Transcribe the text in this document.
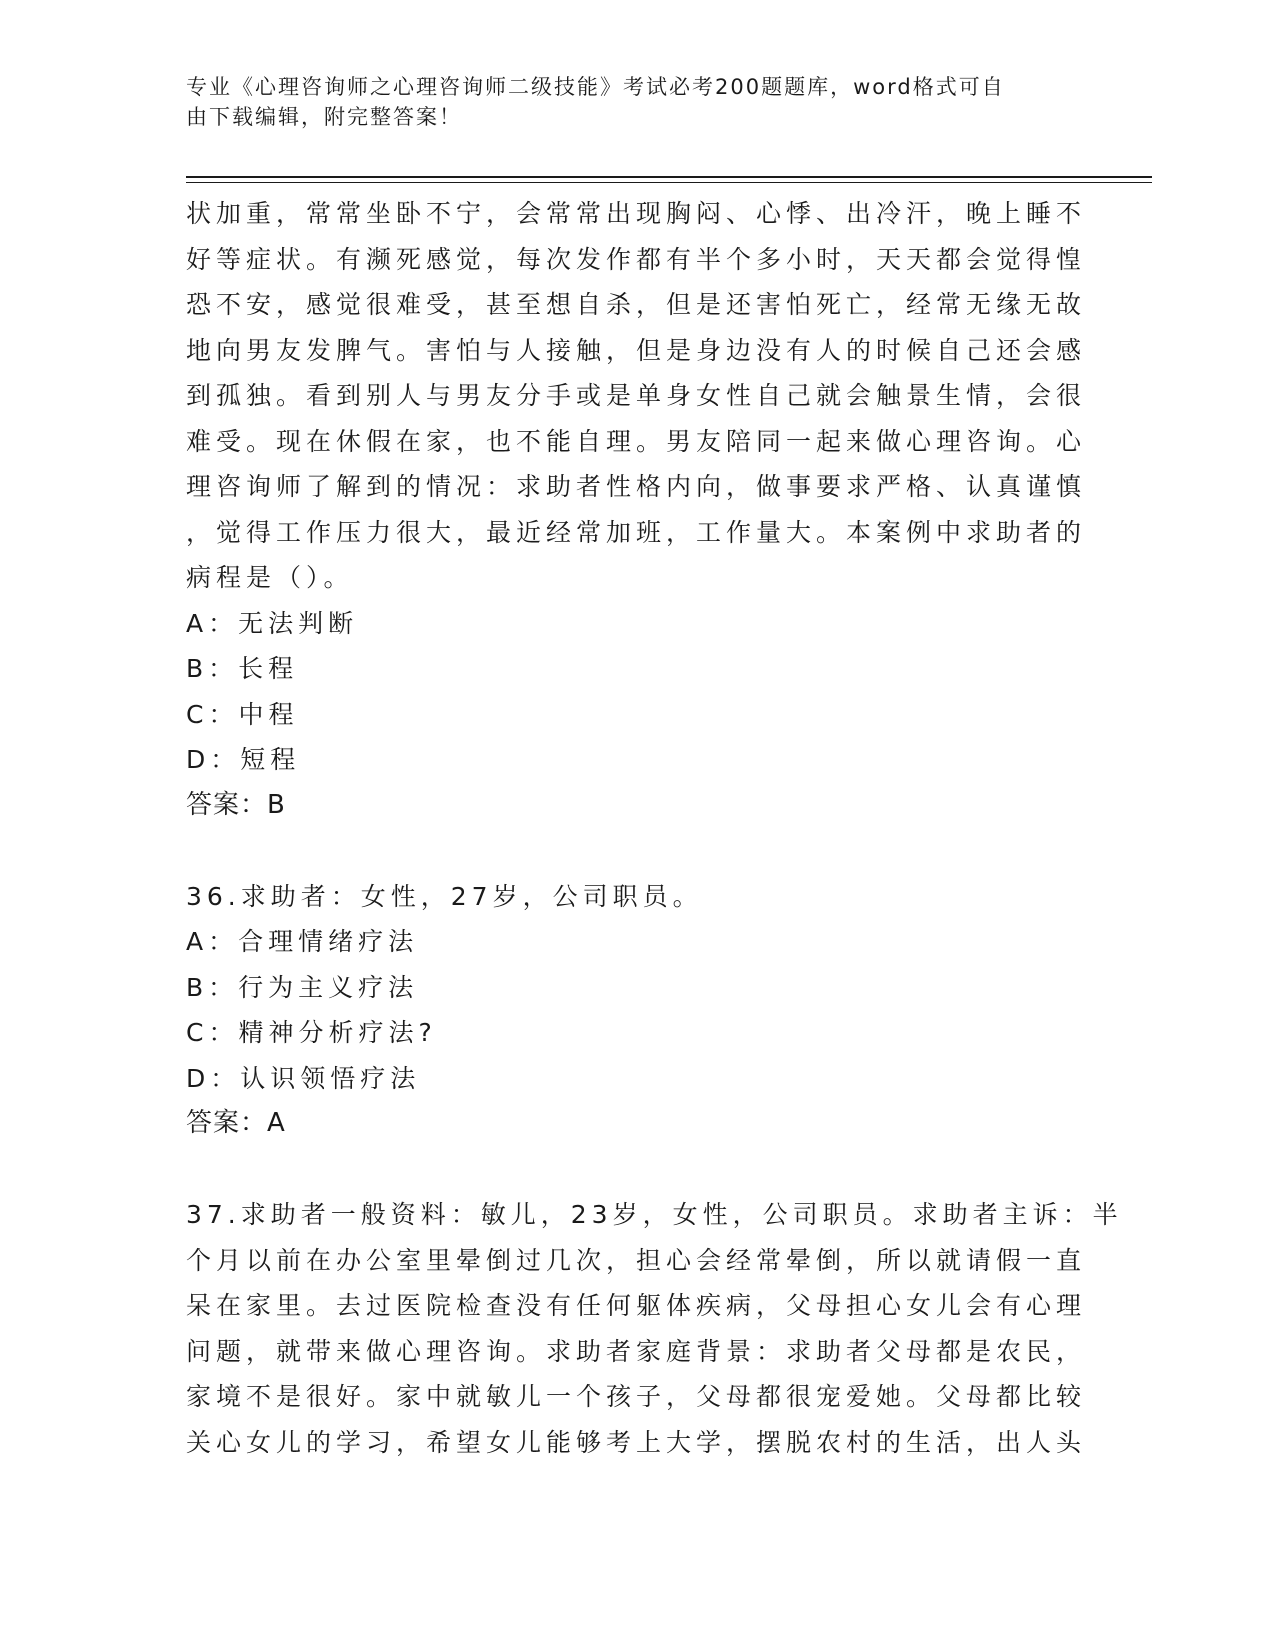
专业《心理咨询师之心理咨询师二级技能》考试必考200题题库，word格式可自
由下载编辑，附完整答案！
状加重，常常坐卧不宁，会常常出现胸闷、心悸、出冷汗，晚上睡不
好等症状。有濒死感觉，每次发作都有半个多小时，天天都会觉得惶
恐不安，感觉很难受，甚至想自杀，但是还害怕死亡，经常无缘无故
地向男友发脾气。害怕与人接触，但是身边没有人的时候自己还会感
到孤独。看到别人与男友分手或是单身女性自己就会触景生情，会很
难受。现在休假在家，也不能自理。男友陪同一起来做心理咨询。心
理咨询师了解到的情况：求助者性格内向，做事要求严格、认真谨慎
，觉得工作压力很大，最近经常加班，工作量大。本案例中求助者的
病程是（）。
A：无法判断
B：长程
C：中程
D：短程
答案：B
36.求助者：女性，27岁，公司职员。
A：合理情绪疗法
B：行为主义疗法
C：精神分析疗法?
D：认识领悟疗法
答案：A
37.求助者一般资料：敏儿，23岁，女性，公司职员。求助者主诉：半
个月以前在办公室里晕倒过几次，担心会经常晕倒，所以就请假一直
呆在家里。去过医院检查没有任何躯体疾病，父母担心女儿会有心理
问题，就带来做心理咨询。求助者家庭背景：求助者父母都是农民，
家境不是很好。家中就敏儿一个孩子，父母都很宠爱她。父母都比较
关心女儿的学习，希望女儿能够考上大学，摆脱农村的生活，出人头
